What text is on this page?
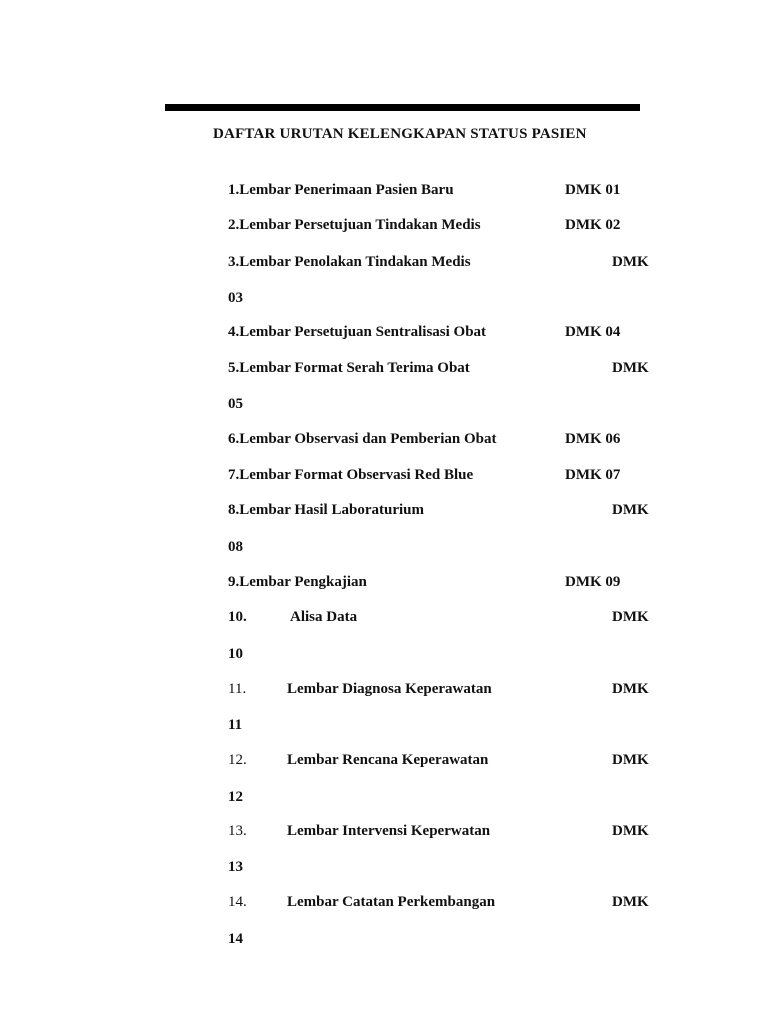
DAFTAR URUTAN KELENGKAPAN STATUS PASIEN
1.Lembar Penerimaan Pasien Baru	DMK 01
2.Lembar Persetujuan Tindakan Medis	DMK 02
3.Lembar Penolakan Tindakan Medis	DMK
03
4.Lembar Persetujuan Sentralisasi Obat	DMK 04
5.Lembar Format Serah Terima Obat	DMK
05
6.Lembar Observasi dan Pemberian Obat	DMK 06
7.Lembar Format Observasi Red Blue	DMK 07
8.Lembar Hasil Laboraturium	DMK
08
9.Lembar Pengkajian	DMK 09
10.	Alisa Data	DMK
10
11.	Lembar Diagnosa Keperawatan	DMK
11
12.	Lembar Rencana Keperawatan	DMK
12
13.	Lembar Intervensi Keperwatan	DMK
13
14.	Lembar Catatan Perkembangan	DMK
14
